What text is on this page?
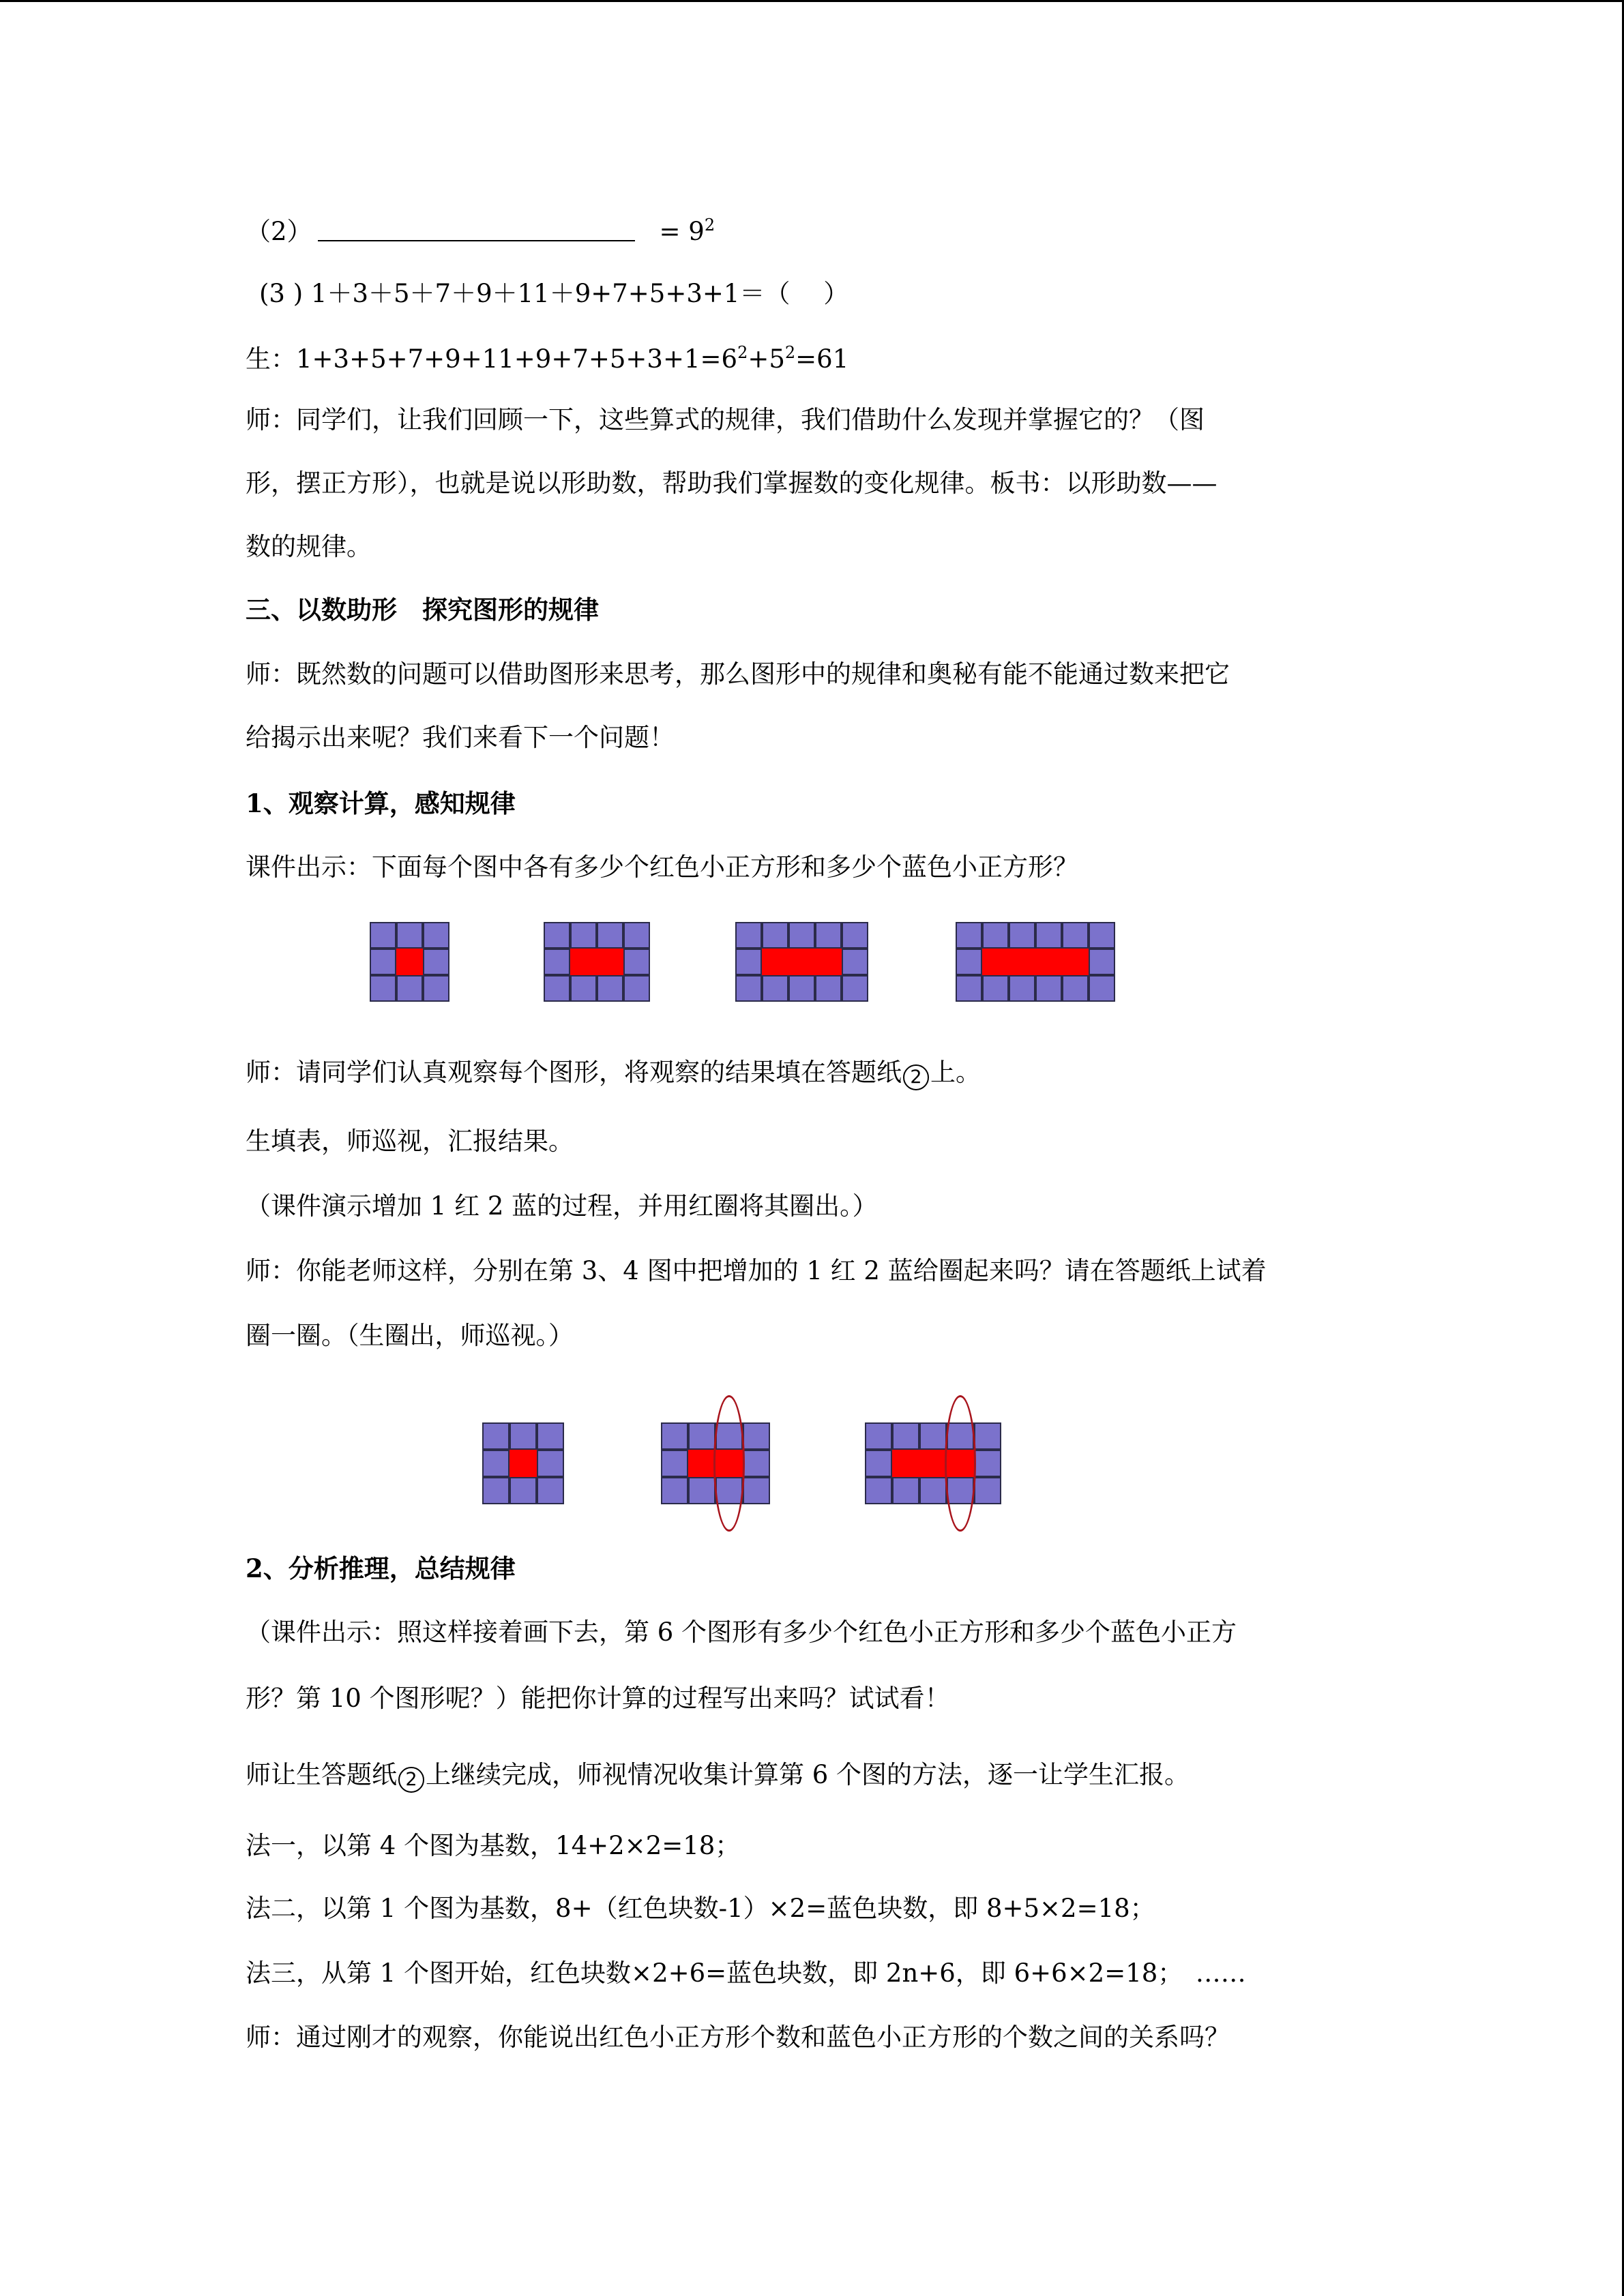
（2）	= $9^2$
(3 ) 1＋3＋5＋7＋9＋11＋9+7+5+3+1＝（　 ）
生：$1+3+5+7+9+11+9+7+5+3+1=6^2+5^2=61$
师：同学们，让我们回顾一下，这些算式的规律，我们借助什么发现并掌握它的？（图
形，摆正方形），也就是说以形助数，帮助我们掌握数的变化规律。板书：以形助数——
数的规律。
三、以数助形　探究图形的规律
师：既然数的问题可以借助图形来思考，那么图形中的规律和奥秘有能不能通过数来把它
给揭示出来呢？我们来看下一个问题！
1、观察计算，感知规律
课件出示：下面每个图中各有多少个红色小正方形和多少个蓝色小正方形？
师：请同学们认真观察每个图形，将观察的结果填在答题纸 2 上。
生填表，师巡视，汇报结果。
（课件演示增加 1 红 2 蓝的过程，并用红圈将其圈出。）
师：你能老师这样，分别在第 3、4 图中把增加的 1 红 2 蓝给圈起来吗？请在答题纸上试着
圈一圈。（生圈出，师巡视。）
2、分析推理，总结规律
（课件出示：照这样接着画下去，第 6 个图形有多少个红色小正方形和多少个蓝色小正方
形？第 10 个图形呢？）能把你计算的过程写出来吗？试试看！
师让生答题纸 2 上继续完成，师视情况收集计算第 6 个图的方法，逐一让学生汇报。
法一，以第 4 个图为基数，14+2×2=18；
法二，以第 1 个图为基数，8+（红色块数-1）×2=蓝色块数，即 8+5×2=18；
法三，从第 1 个图开始，红色块数×2+6=蓝色块数，即 2n+6，即 6+6×2=18；　……
师：通过刚才的观察，你能说出红色小正方形个数和蓝色小正方形的个数之间的关系吗？
